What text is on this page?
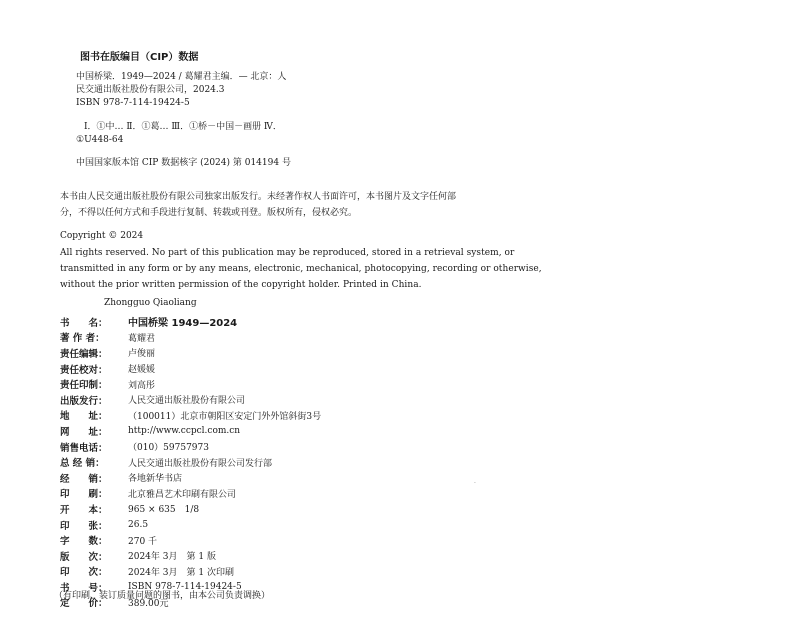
图书在版编目（CIP）数据
中国桥梁．1949—2024 / 葛耀君主编．— 北京：人
民交通出版社股份有限公司，2024.3
ISBN 978-7-114-19424-5
Ⅰ．①中… Ⅱ．①葛… Ⅲ．①桥－中国－画册 Ⅳ．
①U448-64
中国国家版本馆 CIP 数据核字 (2024) 第 014194 号
本书由人民交通出版社股份有限公司独家出版发行。未经著作权人书面许可，本书图片及文字任何部
分，不得以任何方式和手段进行复制、转载或刊登。版权所有，侵权必究。
Copyright © 2024
All rights reserved. No part of this publication may be reproduced, stored in a retrieval system, or
transmitted in any form or by any means, electronic, mechanical, photocopying, recording or otherwise,
without the prior written permission of the copyright holder. Printed in China.
Zhongguo Qiaoliang
书　　名：	中国桥梁 1949—2024
著 作 者：	葛耀君
责任编辑：	卢俊丽
责任校对：	赵媛媛
责任印制：	刘高彤
出版发行：	人民交通出版社股份有限公司
地　　址：	（100011）北京市朝阳区安定门外外馆斜街3号
网　　址：	http://www.ccpcl.com.cn
销售电话：	（010）59757973
总 经 销：	人民交通出版社股份有限公司发行部
经　　销：	各地新华书店
印　　刷：	北京雅昌艺术印刷有限公司
开　　本：	965 × 635　1/8
印　　张：	26.5
字　　数：	270 千
版　　次：	2024年 3月　第 1 版
印　　次：	2024年 3月　第 1 次印刷
书　　号：	ISBN 978-7-114-19424-5
定　　价：	389.00元
·
（有印刷、装订质量问题的图书，由本公司负责调换）
